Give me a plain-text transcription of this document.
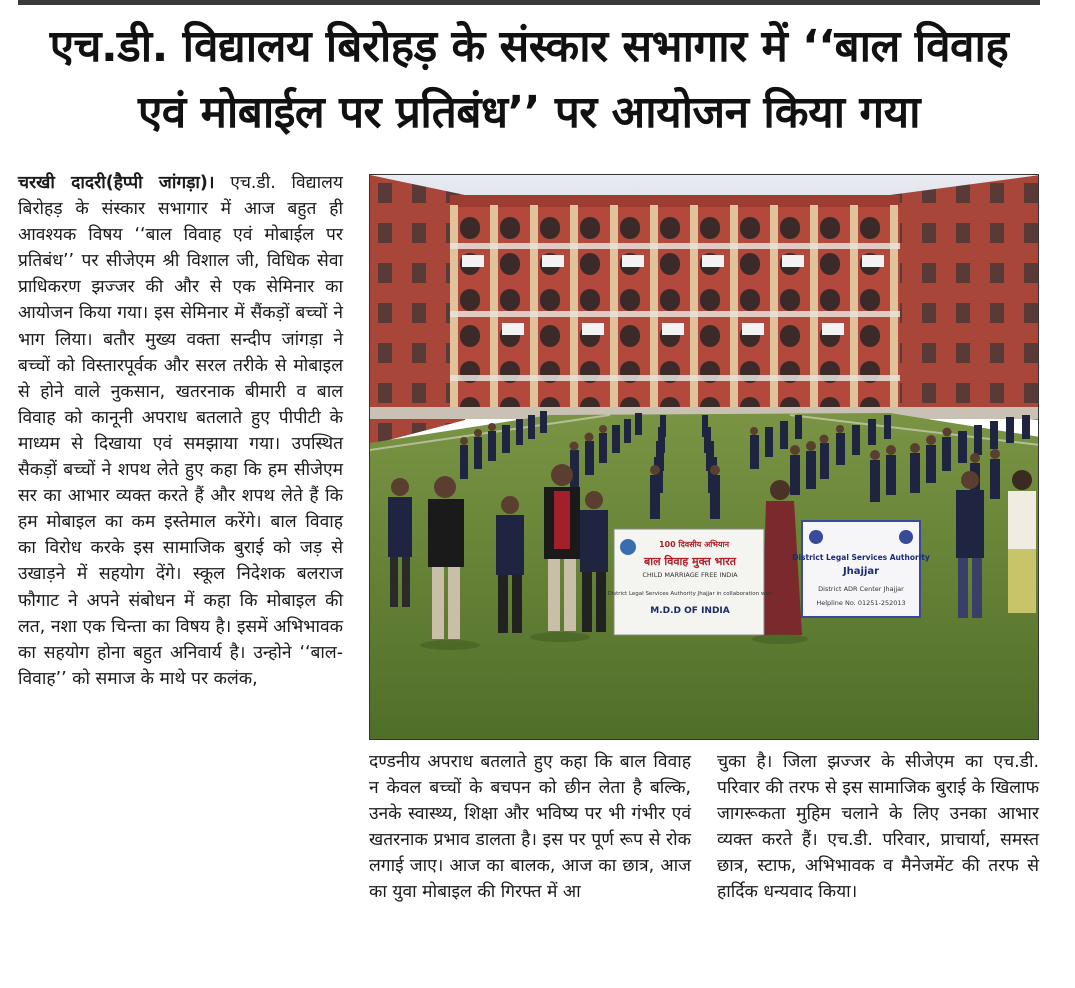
एच.डी. विद्यालय बिरोहड़ के संस्कार सभागार में ‘‘बाल विवाह
एवं मोबाईल पर प्रतिबंध’’ पर आयोजन किया गया

चरखी दादरी(हैप्पी जांगड़ा)। एच.डी. विद्यालय बिरोहड़ के संस्कार सभागार में आज बहुत ही आवश्यक विषय ‘‘बाल विवाह एवं मोबाईल पर प्रतिबंध’’ पर सीजेएम श्री विशाल जी, विधिक सेवा प्राधिकरण झज्जर की और से एक सेमिनार का आयोजन किया गया। इस सेमिनार में सैंकड़ों बच्चों ने भाग लिया। बतौर मुख्य वक्ता सन्दीप जांगड़ा ने बच्चों को विस्तारपूर्वक और सरल तरीके से मोबाइल से होने वाले नुकसान, खतरनाक बीमारी व बाल विवाह को कानूनी अपराध बतलाते हुए पीपीटी के माध्यम से दिखाया एवं समझाया गया। उपस्थित सैकड़ों बच्चों ने शपथ लेते हुए कहा कि हम सीजेएम सर का आभार व्यक्त करते हैं और शपथ लेते हैं कि हम मोबाइल का कम इस्तेमाल करेंगे। बाल विवाह का विरोध करके इस सामाजिक बुराई को जड़ से उखाड़ने में सहयोग देंगे। स्कूल निदेशक बलराज फौगाट ने अपने संबोधन में कहा कि मोबाइल की लत, नशा एक चिन्ता का विषय है। इसमें अभिभावक का सहयोग होना बहुत अनिवार्य है। उन्होने ‘‘बाल-विवाह’’ को समाज के माथे पर कलंक,

100 दिवसीय अभियान
बाल विवाह मुक्त भारत
CHILD MARRIAGE FREE INDIA
District Legal Services Authority Jhajjar in collaboration with
M.D.D OF INDIA
District Legal Services Authority
Jhajjar
District ADR Center Jhajjar
Helpline No. 01251-252013

दण्डनीय अपराध बतलाते हुए कहा कि बाल विवाह न केवल बच्चों के बचपन को छीन लेता है बल्कि, उनके स्वास्थ्य, शिक्षा और भविष्य पर भी गंभीर एवं खतरनाक प्रभाव डालता है। इस पर पूर्ण रूप से रोक लगाई जाए। आज का बालक, आज का छात्र, आज का युवा मोबाइल की गिरफ्त में आ

चुका है। जिला झज्जर के सीजेएम का एच.डी. परिवार की तरफ से इस सामाजिक बुराई के खिलाफ जागरूकता मुहिम चलाने के लिए उनका आभार व्यक्त करते हैं। एच.डी. परिवार, प्राचार्या, समस्त छात्र, स्टाफ, अभिभावक व मैनेजमेंट की तरफ से हार्दिक धन्यवाद किया।
